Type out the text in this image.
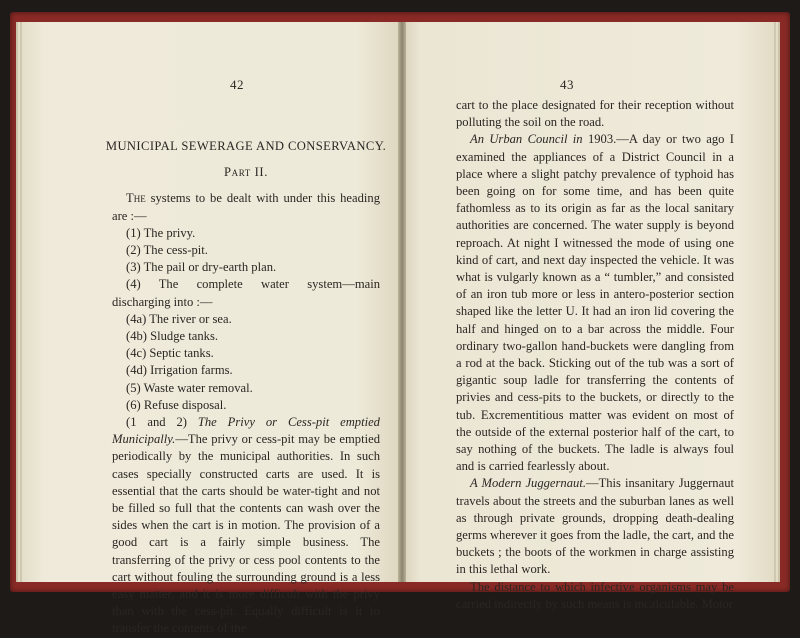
42
MUNICIPAL SEWERAGE AND CONSERVANCY.
Part II.

The systems to be dealt with under this heading are :—

(1) The privy.

(2) The cess-pit.

(3) The pail or dry-earth plan.

(4) The complete water system—main discharging into :—

(4a) The river or sea.

(4b) Sludge tanks.

(4c) Septic tanks.

(4d) Irrigation farms.

(5) Waste water removal.

(6) Refuse disposal.

(1 and 2) The Privy or Cess-pit emptied Municipally.—The privy or cess-pit may be emptied periodically by the municipal authorities. In such cases specially constructed carts are used. It is essential that the carts should be water-tight and not be filled so full that the contents can wash over the sides when the cart is in motion. The provision of a good cart is a fairly simple business. The transferring of the privy or cess pool contents to the cart without fouling the surrounding ground is a less easy matter, and it is more difficult with the privy than with the cess-pit. Equally difficult is it to transfer the contents of the

43

cart to the place designated for their reception without polluting the soil on the road.

An Urban Council in 1903.—A day or two ago I examined the appliances of a District Council in a place where a slight patchy prevalence of typhoid has been going on for some time, and has been quite fathomless as to its origin as far as the local sanitary authorities are concerned. The water supply is beyond reproach. At night I witnessed the mode of using one kind of cart, and next day inspected the vehicle. It was what is vulgarly known as a “ tumbler,” and consisted of an iron tub more or less in antero-posterior section shaped like the letter U. It had an iron lid covering the half and hinged on to a bar across the middle. Four ordinary two-gallon hand-buckets were dangling from a rod at the back. Sticking out of the tub was a sort of gigantic soup ladle for transferring the contents of privies and cess-pits to the buckets, or directly to the tub. Excrementitious matter was evident on most of the outside of the external posterior half of the cart, to say nothing of the buckets. The ladle is always foul and is carried fearlessly about.

A Modern Juggernaut.—This insanitary Juggernaut travels about the streets and the suburban lanes as well as through private grounds, dropping death-dealing germs wherever it goes from the ladle, the cart, and the buckets ; the boots of the workmen in charge assisting in this lethal work.

The distance to which infective organisms may be carried indirectly by such means is incalculable. Motor
